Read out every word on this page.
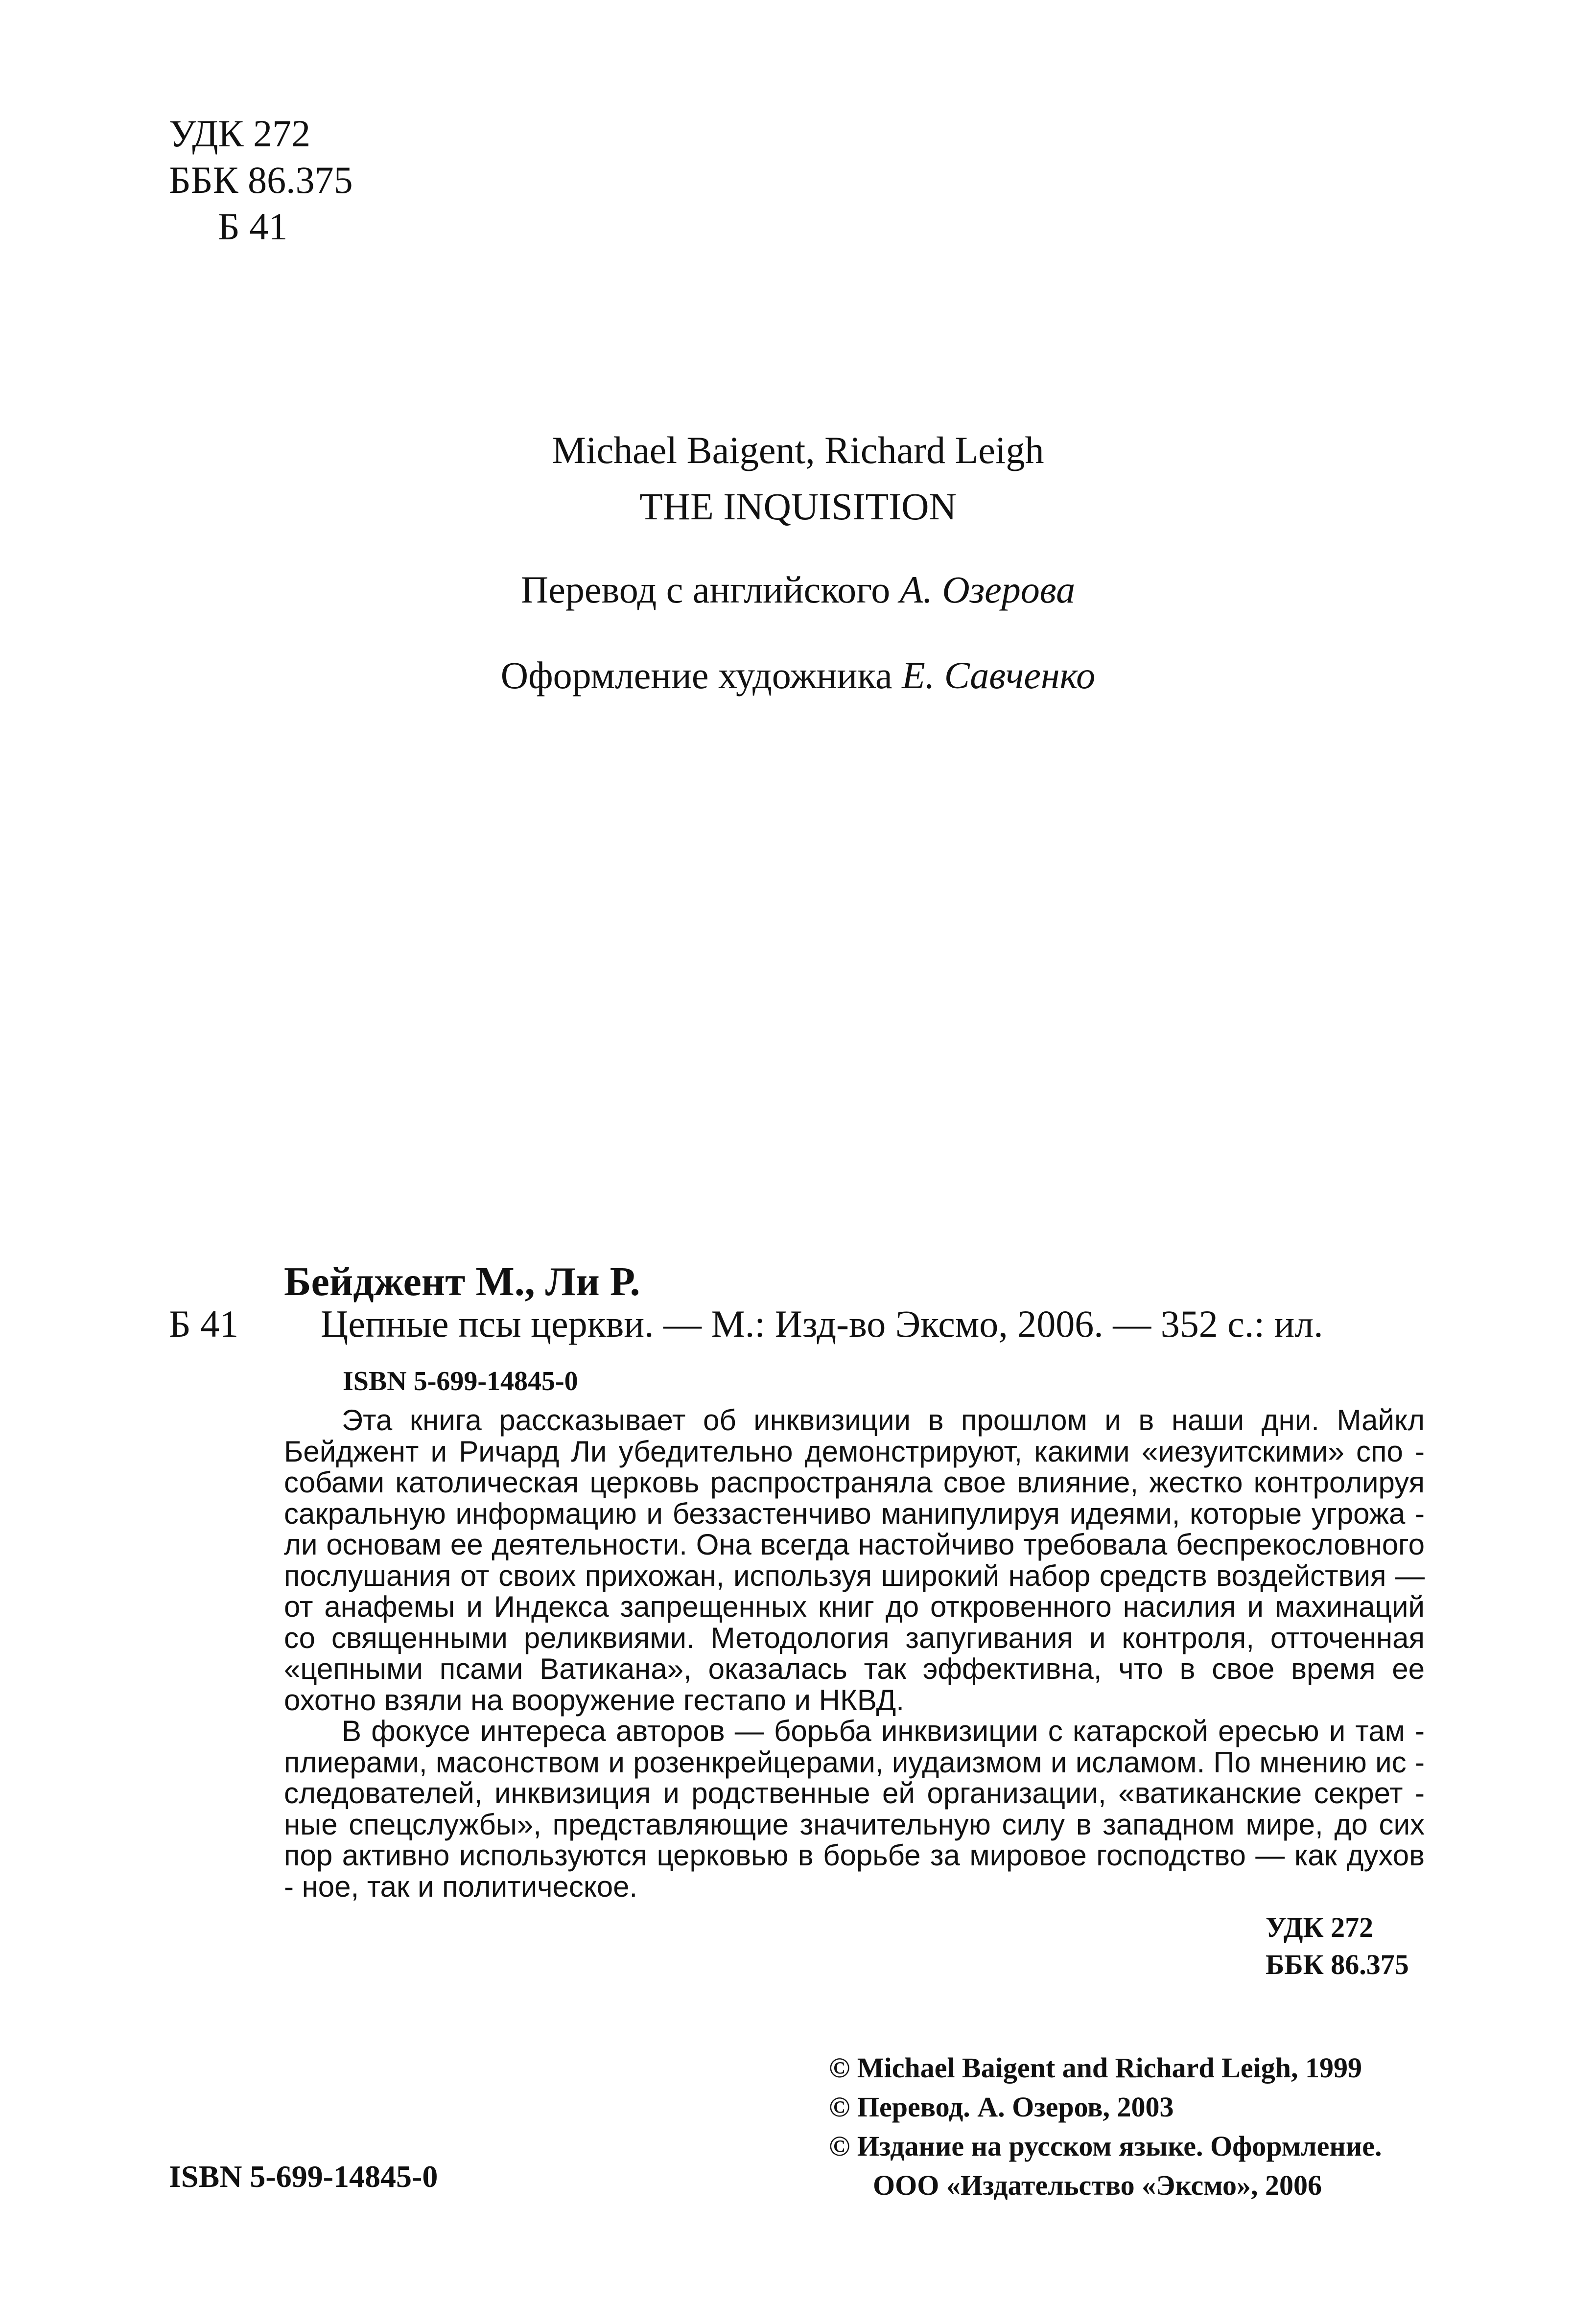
УДК 272
ББК 86.375
Б 41
Michael Baigent, Richard Leigh
THE INQUISITION
Перевод с английского А. Озерова
Оформление художника Е. Савченко
Бейджент М., Ли Р.
Б 41 Цепные псы церкви. — М.: Изд-во Эксмо, 2006. — 352 с.: ил.
ISBN 5-699-14845-0

Эта книга рассказывает об инквизиции в прошлом и в наши дни. Майкл Бейджент и Ричард Ли убедительно демонстрируют, какими «иезуитскими» спо - собами католическая церковь распространяла свое влияние, жестко контролируя сакральную информацию и беззастенчиво манипулируя идеями, которые угрожа - ли основам ее деятельности. Она всегда настойчиво требовала беспрекословного послушания от своих прихожан, используя широкий набор средств воздействия — от анафемы и Индекса запрещенных книг до откровенного насилия и махинаций со священными реликвиями. Методология запугивания и контроля, отточенная «цепными псами Ватикана», оказалась так эффективна, что в свое время ее охотно взяли на вооружение гестапо и НКВД.

В фокусе интереса авторов — борьба инквизиции с катарской ересью и там - плиерами, масонством и розенкрейцерами, иудаизмом и исламом. По мнению ис - следователей, инквизиция и родственные ей организации, «ватиканские секрет - ные спецслужбы», представляющие значительную силу в западном мире, до сих пор активно используются церковью в борьбе за мировое господство — как духов - ное, так и политическое.

УДК 272
ББК 86.375
ISBN 5-699-14845-0
© Michael Baigent and Richard Leigh, 1999
© Перевод. А. Озеров, 2003
© Издание на русском языке. Оформление.
ООО «Издательство «Эксмо», 2006
